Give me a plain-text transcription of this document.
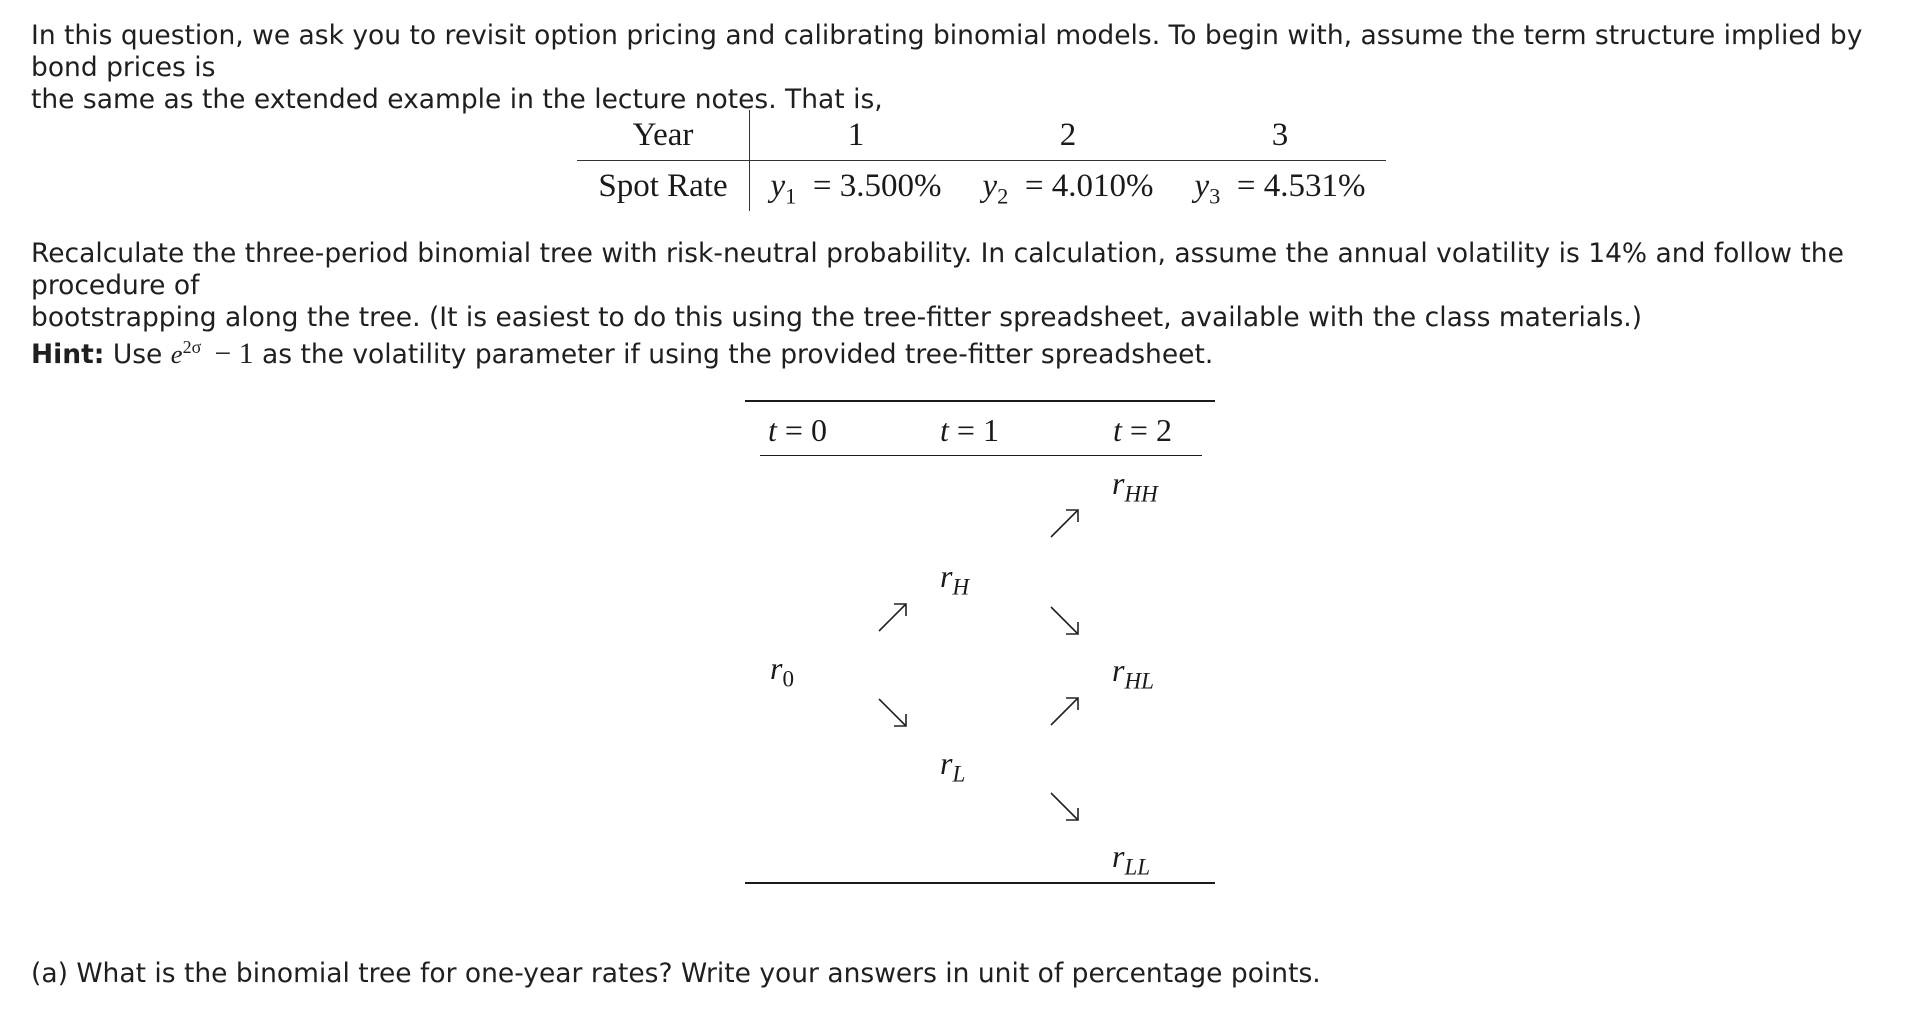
In this question, we ask you to revisit option pricing and calibrating binomial models. To begin with, assume the term structure implied by bond prices is
the same as the extended example in the lecture notes. That is,

Year	1	2	3
Spot Rate	$y_1 = 3.500\%$	$y_2 = 4.010\%$	$y_3 = 4.531\%$

Recalculate the three-period binomial tree with risk-neutral probability. In calculation, assume the annual volatility is 14% and follow the procedure of
bootstrapping along the tree. (It is easiest to do this using the tree-fitter spreadsheet, available with the class materials.)

Hint: Use $e^{2\sigma} - 1$ as the volatility parameter if using the provided tree-fitter spreadsheet.

t = 0	t = 1	t = 2
$r_0$
$r_H$
$r_L$
$r_{HH}$
$r_{HL}$
$r_{LL}$

(a) What is the binomial tree for one-year rates? Write your answers in unit of percentage points.
